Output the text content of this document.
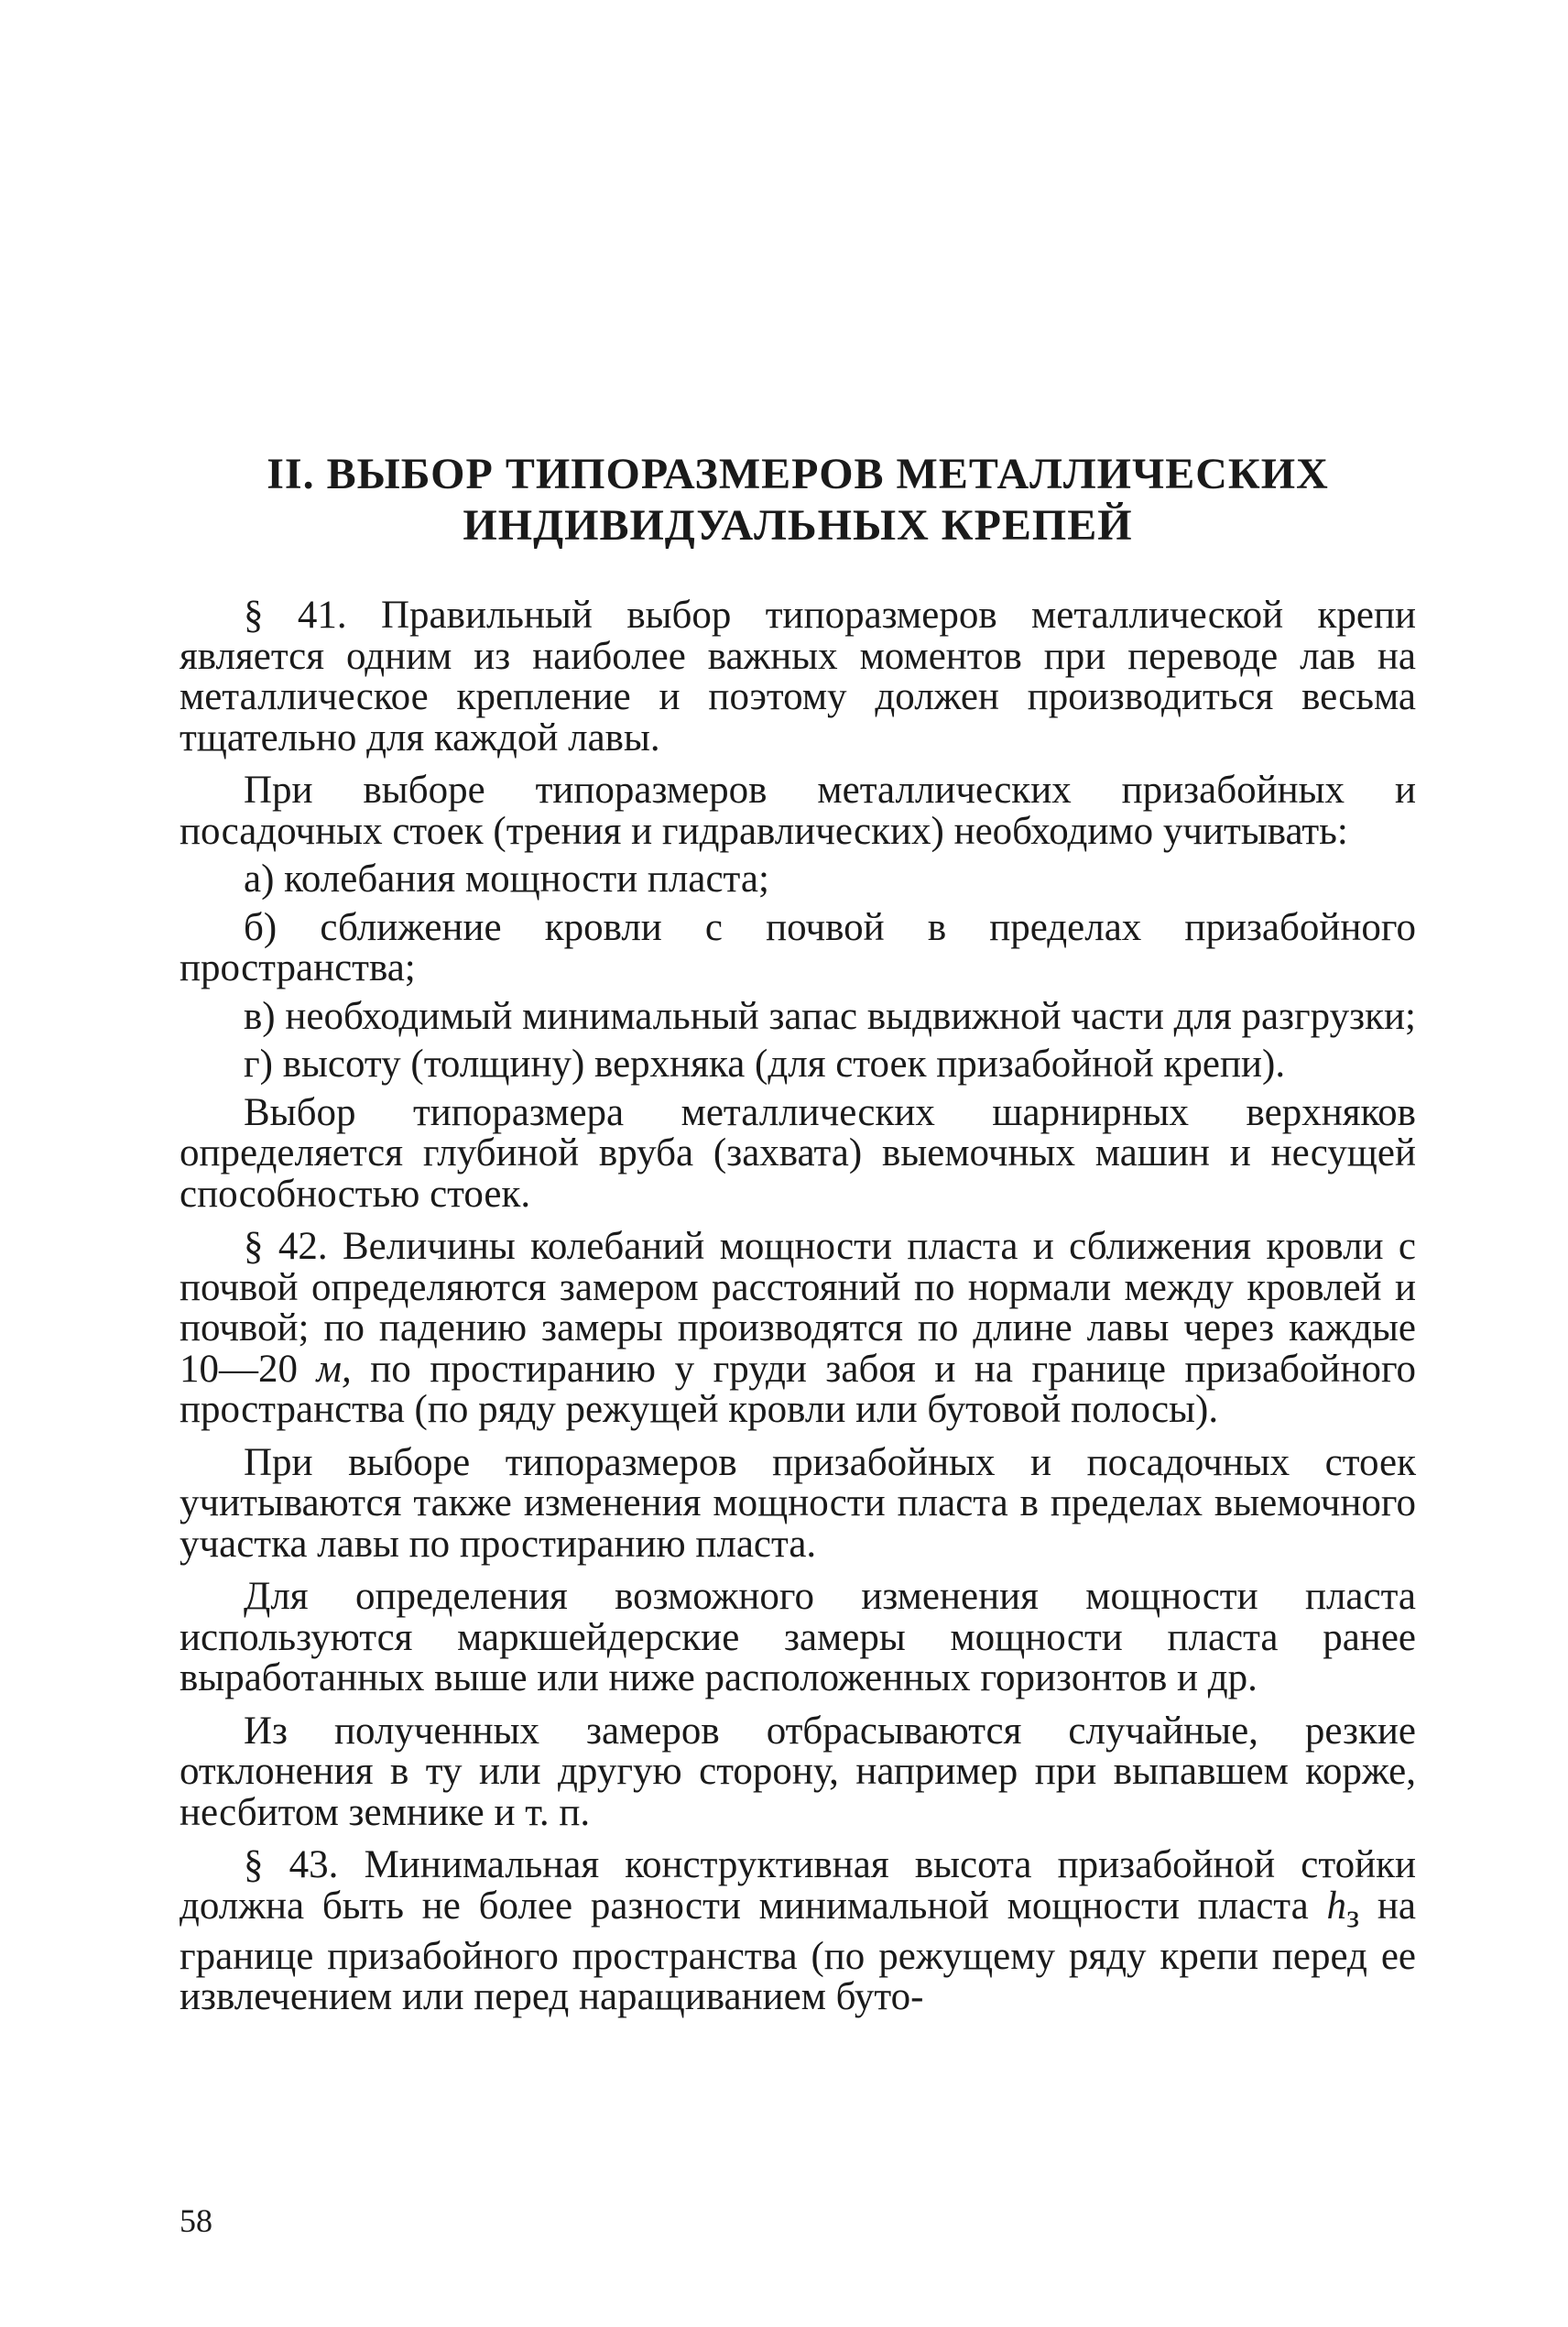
II. ВЫБОР ТИПОРАЗМЕРОВ МЕТАЛЛИЧЕСКИХ
ИНДИВИДУАЛЬНЫХ КРЕПЕЙ

§ 41. Правильный выбор типоразмеров металлической крепи является одним из наиболее важных моментов при переводе лав на металлическое крепление и поэтому должен производиться весьма тщательно для каждой лавы.

При выборе типоразмеров металлических призабойных и посадочных стоек (трения и гидравлических) необходимо учитывать:

а) колебания мощности пласта;

б) сближение кровли с почвой в пределах призабойного пространства;

в) необходимый минимальный запас выдвижной части для разгрузки;

г) высоту (толщину) верхняка (для стоек призабойной крепи).

Выбор типоразмера металлических шарнирных верхняков определяется глубиной вруба (захвата) выемочных машин и несущей способностью стоек.

§ 42. Величины колебаний мощности пласта и сближения кровли с почвой определяются замером расстояний по нормали между кровлей и почвой; по падению замеры производятся по длине лавы через каждые 10—20 м, по простиранию у груди забоя и на границе призабойного пространства (по ряду режущей кровли или бутовой полосы).

При выборе типоразмеров призабойных и посадочных стоек учитываются также изменения мощности пласта в пределах выемочного участка лавы по простиранию пласта.

Для определения возможного изменения мощности пласта используются маркшейдерские замеры мощности пласта ранее выработанных выше или ниже расположенных горизонтов и др.

Из полученных замеров отбрасываются случайные, резкие отклонения в ту или другую сторону, например при выпавшем корже, несбитом земнике и т. п.

§ 43. Минимальная конструктивная высота призабойной стойки должна быть не более разности минимальной мощности пласта $h_з$ на границе призабойного пространства (по режущему ряду крепи перед ее извлечением или перед наращиванием буто-

58
